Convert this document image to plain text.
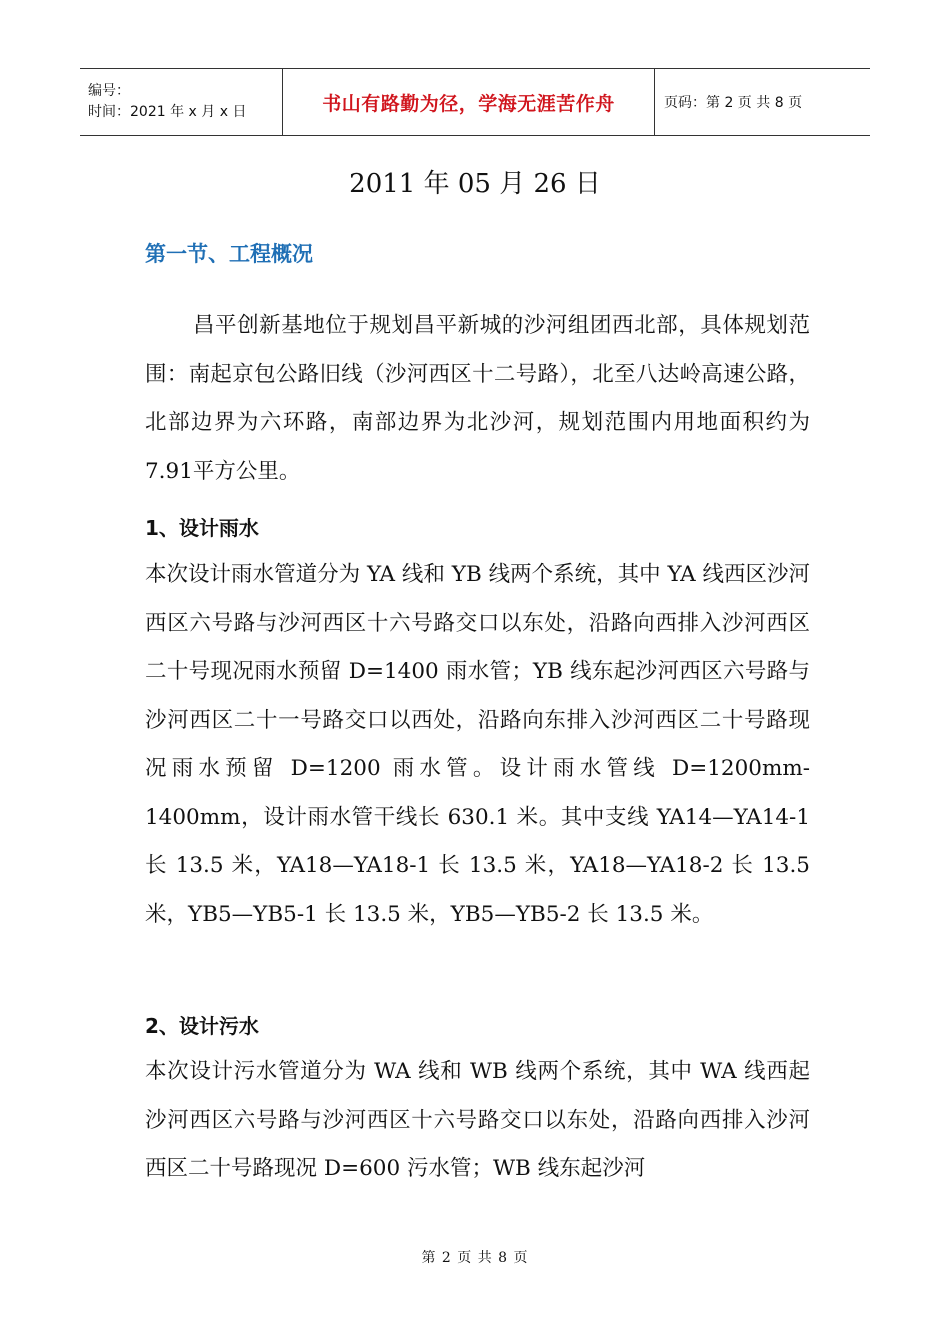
编号：
时间：2021 年 x 月 x 日	书山有路勤为径，学海无涯苦作舟	页码：第 2 页 共 8 页
2011 年 05 月 26 日
第一节、工程概况

昌平创新基地位于规划昌平新城的沙河组团西北部，具体规划范围：南起京包公路旧线（沙河西区十二号路），北至八达岭高速公路，北部边界为六环路，南部边界为北沙河，规划范围内用地面积约为7.91平方公里。

1、设计雨水

本次设计雨水管道分为 YA 线和 YB 线两个系统，其中 YA 线西区沙河西区六号路与沙河西区十六号路交口以东处，沿路向西排入沙河西区二十号现况雨水预留 D=1400 雨水管；YB 线东起沙河西区六号路与沙河西区二十一号路交口以西处，沿路向东排入沙河西区二十号路现况雨水预留 D=1200 雨水管。设计雨水管线 D=1200mm-1400mm，设计雨水管干线长 630.1 米。其中支线 YA14—YA14-1 长 13.5 米，YA18—YA18-1 长 13.5 米，YA18—YA18-2 长 13.5 米，YB5—YB5-1 长 13.5 米，YB5—YB5-2 长 13.5 米。

2、设计污水

本次设计污水管道分为 WA 线和 WB 线两个系统，其中 WA 线西起沙河西区六号路与沙河西区十六号路交口以东处，沿路向西排入沙河西区二十号路现况 D=600 污水管；WB 线东起沙河

第 2 页 共 8 页
